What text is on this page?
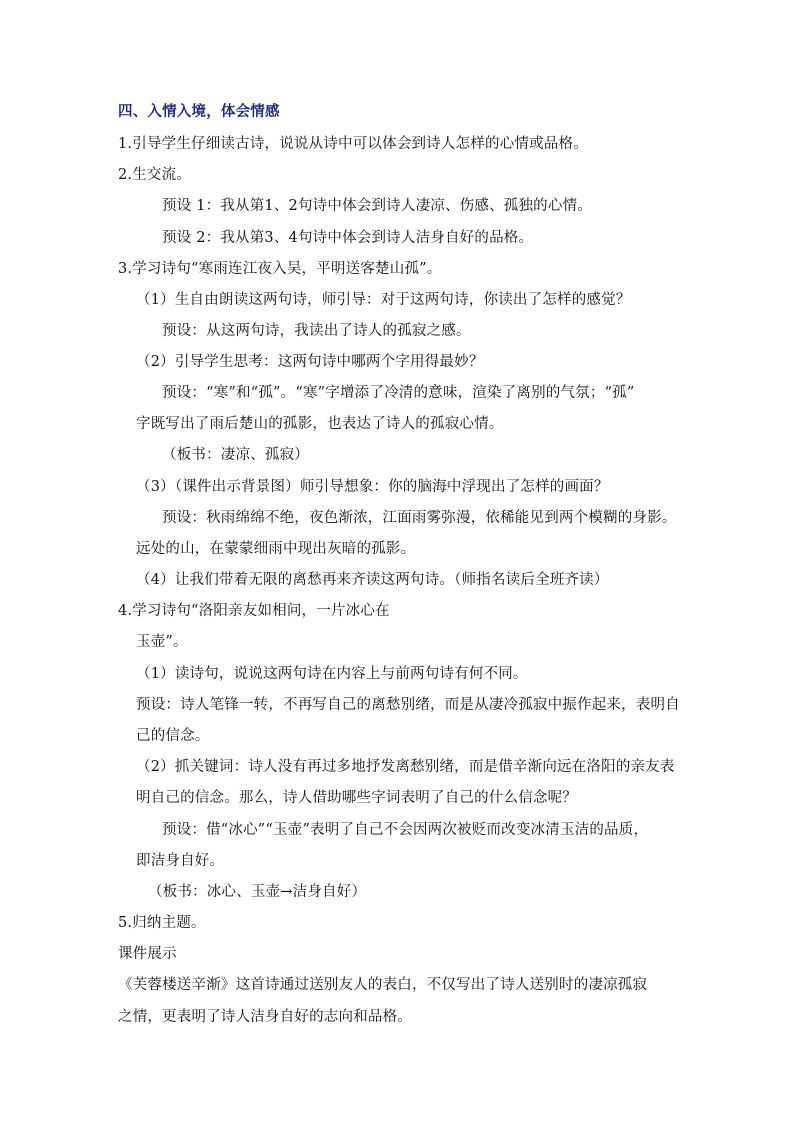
四、入情入境，体会情感
1.引导学生仔细读古诗，说说从诗中可以体会到诗人怎样的心情或品格。
2.生交流。
预设 1：我从第1、2句诗中体会到诗人凄凉、伤感、孤独的心情。
预设 2：我从第3、4句诗中体会到诗人洁身自好的品格。
3.学习诗句“寒雨连江夜入吴，平明送客楚山孤”。
（1）生自由朗读这两句诗，师引导：对于这两句诗，你读出了怎样的感觉？
预设：从这两句诗，我读出了诗人的孤寂之感。
（2）引导学生思考：这两句诗中哪两个字用得最妙？
预设：“寒”和“孤”。“寒”字增添了冷清的意味，渲染了离别的气氛；“孤”
字既写出了雨后楚山的孤影，也表达了诗人的孤寂心情。
（板书：凄凉、孤寂）
（3）（课件出示背景图）师引导想象：你的脑海中浮现出了怎样的画面？
预设：秋雨绵绵不绝，夜色渐浓，江面雨雾弥漫，依稀能见到两个模糊的身影。
远处的山，在蒙蒙细雨中现出灰暗的孤影。
（4）让我们带着无限的离愁再来齐读这两句诗。（师指名读后全班齐读）
4.学习诗句“洛阳亲友如相问，一片冰心在
玉壶”。
（1）读诗句，说说这两句诗在内容上与前两句诗有何不同。
预设：诗人笔锋一转，不再写自己的离愁别绪，而是从凄冷孤寂中振作起来，表明自
己的信念。
（2）抓关键词：诗人没有再过多地抒发离愁别绪，而是借辛渐向远在洛阳的亲友表
明自己的信念。那么，诗人借助哪些字词表明了自己的什么信念呢？
预设：借“冰心”“玉壶”表明了自己不会因两次被贬而改变冰清玉洁的品质，
即洁身自好。
（板书：冰心、玉壶→洁身自好）
5.归纳主题。
课件展示
《芙蓉楼送辛渐》这首诗通过送别友人的表白，不仅写出了诗人送别时的凄凉孤寂
之情，更表明了诗人洁身自好的志向和品格。
